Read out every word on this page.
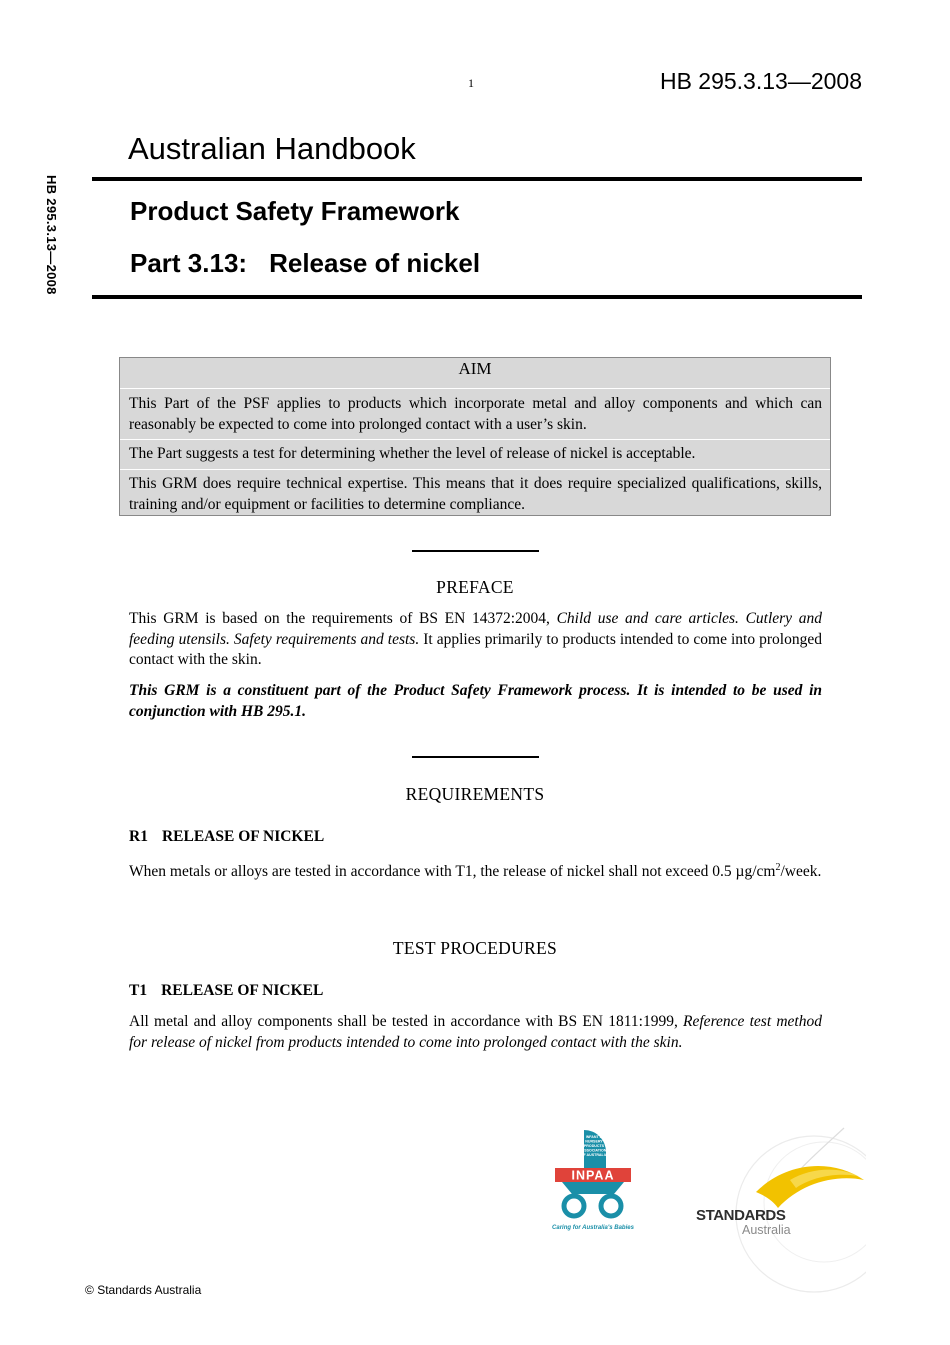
1	HB 295.3.13—2008
HB 295.3.13—2008
Australian Handbook
Product Safety Framework
Part 3.13: Release of nickel
AIM
This Part of the PSF applies to products which incorporate metal and alloy components and which can reasonably be expected to come into prolonged contact with a user’s skin.
The Part suggests a test for determining whether the level of release of nickel is acceptable.
This GRM does require technical expertise. This means that it does require specialized qualifications, skills, training and/or equipment or facilities to determine compliance.
PREFACE
This GRM is based on the requirements of BS EN 14372:2004, Child use and care articles. Cutlery and feeding utensils. Safety requirements and tests. It applies primarily to products intended to come into prolonged contact with the skin.
This GRM is a constituent part of the Product Safety Framework process. It is intended to be used in conjunction with HB 295.1.
REQUIREMENTS
R1 RELEASE OF NICKEL
When metals or alloys are tested in accordance with T1, the release of nickel shall not exceed 0.5 $\mu g/cm^2$/week.
TEST PROCEDURES
T1 RELEASE OF NICKEL
All metal and alloy components shall be tested in accordance with BS EN 1811:1999, Reference test method for release of nickel from products intended to come into prolonged contact with the skin.
INFANT &
NURSERY
PRODUCTS
ASSOCIATION
OF AUSTRALIA
INPAA
Caring for Australia's Babies
STANDARDS
Australia
© Standards Australia
